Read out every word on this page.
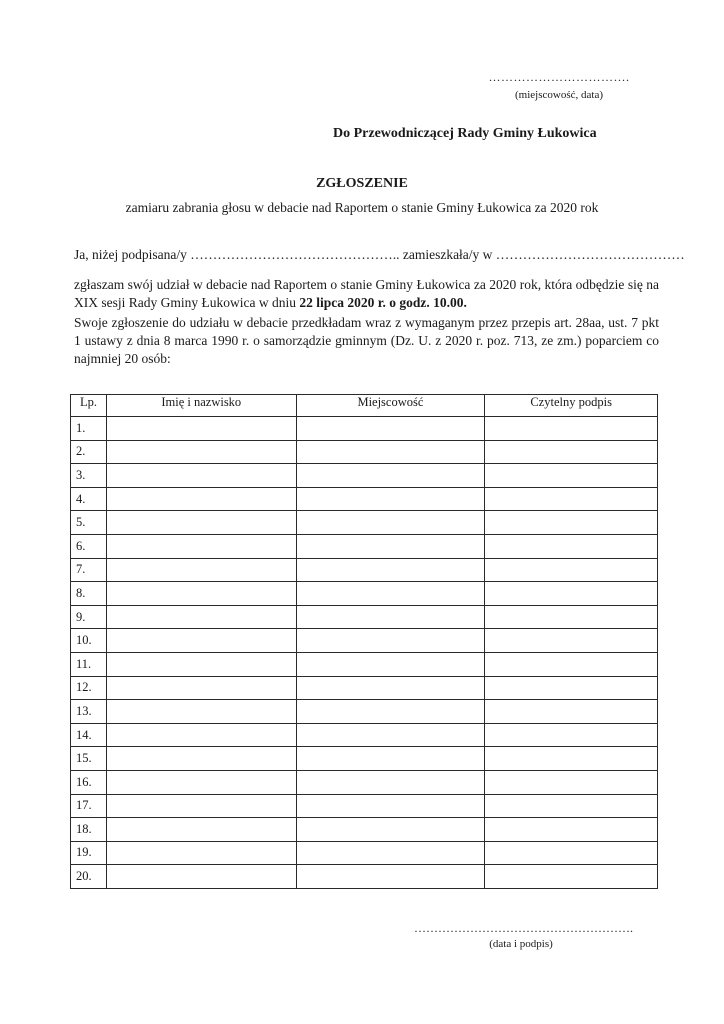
…………………………….
(miejscowość, data)
Do Przewodniczącej Rady Gminy Łukowica
ZGŁOSZENIE
zamiaru zabrania głosu w debacie nad Raportem o stanie Gminy Łukowica za 2020 rok
Ja, niżej podpisana/y ……………………………………….. zamieszkała/y w ……………………………………
zgłaszam swój udział w debacie nad Raportem o stanie Gminy Łukowica za 2020 rok, która odbędzie się na XIX sesji Rady Gminy Łukowica w dniu 22 lipca 2020 r. o godz. 10.00.
Swoje zgłoszenie do udziału w debacie przedkładam wraz z wymaganym przez przepis art. 28aa, ust. 7 pkt 1 ustawy z dnia 8 marca 1990 r. o samorządzie gminnym (Dz. U. z 2020 r. poz. 713, ze zm.) poparciem co najmniej 20 osób:
Lp.	Imię i nazwisko	Miejscowość	Czytelny podpis
1.			
2.			
3.			
4.			
5.			
6.			
7.			
8.			
9.			
10.			
11.			
12.			
13.			
14.			
15.			
16.			
17.			
18.			
19.			
20.			
……………………………………………….
(data i podpis)
